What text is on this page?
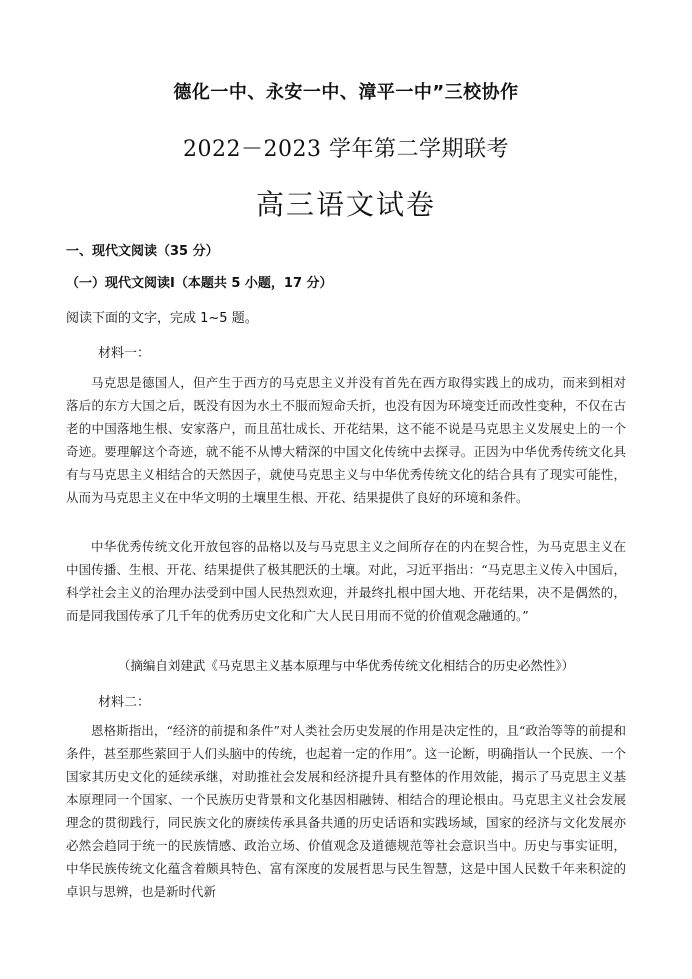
德化一中、永安一中、漳平一中”三校协作
2022－2023 学年第二学期联考
高三语文试卷
一、现代文阅读（35 分）
（一）现代文阅读Ⅰ（本题共 5 小题，17 分）
阅读下面的文字，完成 1~5 题。
材料一：
马克思是德国人，但产生于西方的马克思主义并没有首先在西方取得实践上的成功，而来到相对落后的东方大国之后，既没有因为水土不服而短命夭折，也没有因为环境变迁而改性变种，不仅在古老的中国落地生根、安家落户，而且茁壮成长、开花结果，这不能不说是马克思主义发展史上的一个奇迹。要理解这个奇迹，就不能不从博大精深的中国文化传统中去探寻。正因为中华优秀传统文化具有与马克思主义相结合的天然因子，就使马克思主义与中华优秀传统文化的结合具有了现实可能性，从而为马克思主义在中华文明的土壤里生根、开花、结果提供了良好的环境和条件。
中华优秀传统文化开放包容的品格以及与马克思主义之间所存在的内在契合性，为马克思主义在中国传播、生根、开花、结果提供了极其肥沃的土壤。对此，习近平指出：“马克思主义传入中国后，科学社会主义的治理办法受到中国人民热烈欢迎，并最终扎根中国大地、开花结果，决不是偶然的，而是同我国传承了几千年的优秀历史文化和广大人民日用而不觉的价值观念融通的。”
（摘编自刘建武《马克思主义基本原理与中华优秀传统文化相结合的历史必然性》）
材料二：
恩格斯指出，“经济的前提和条件”对人类社会历史发展的作用是决定性的，且“政治等等的前提和条件，甚至那些萦回于人们头脑中的传统，也起着一定的作用”。这一论断，明确指认一个民族、一个国家其历史文化的延续承继，对助推社会发展和经济提升具有整体的作用效能，揭示了马克思主义基本原理同一个国家、一个民族历史背景和文化基因相融铸、相结合的理论根由。马克思主义社会发展理念的贯彻践行，同民族文化的赓续传承具备共通的历史话语和实践场域，国家的经济与文化发展亦必然会趋同于统一的民族情感、政治立场、价值观念及道德规范等社会意识当中。历史与事实证明，中华民族传统文化蕴含着颇具特色、富有深度的发展哲思与民生智慧，这是中国人民数千年来积淀的卓识与思辨，也是新时代新
